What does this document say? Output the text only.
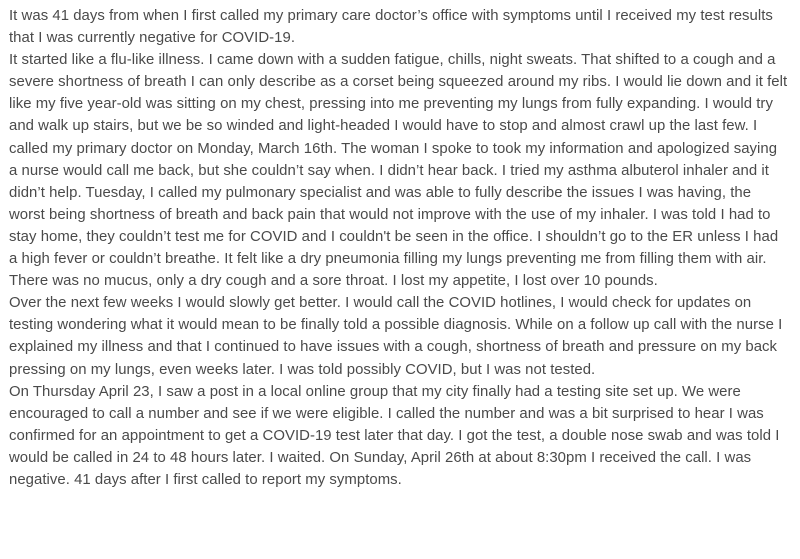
It was 41 days from when I first called my primary care doctor’s office with symptoms until I received my test results that I was currently negative for COVID-19.

It started like a flu-like illness. I came down with a sudden fatigue, chills, night sweats. That shifted to a cough and a severe shortness of breath I can only describe as a corset being squeezed around my ribs. I would lie down and it felt like my five year-old was sitting on my chest, pressing into me preventing my lungs from fully expanding. I would try and walk up stairs, but we be so winded and light-headed I would have to stop and almost crawl up the last few. I called my primary doctor on Monday, March 16th. The woman I spoke to took my information and apologized saying a nurse would call me back, but she couldn’t say when. I didn’t hear back. I tried my asthma albuterol inhaler and it didn’t help. Tuesday, I called my pulmonary specialist and was able to fully describe the issues I was having, the worst being shortness of breath and back pain that would not improve with the use of my inhaler. I was told I had to stay home, they couldn’t test me for COVID and I couldn't be seen in the office. I shouldn’t go to the ER unless I had a high fever or couldn’t breathe. It felt like a dry pneumonia filling my lungs preventing me from filling them with air. There was no mucus, only a dry cough and a sore throat. I lost my appetite, I lost over 10 pounds.

Over the next few weeks I would slowly get better. I would call the COVID hotlines, I would check for updates on testing wondering what it would mean to be finally told a possible diagnosis. While on a follow up call with the nurse I explained my illness and that I continued to have issues with a cough, shortness of breath and pressure on my back pressing on my lungs, even weeks later. I was told possibly COVID, but I was not tested.

On Thursday April 23, I saw a post in a local online group that my city finally had a testing site set up. We were encouraged to call a number and see if we were eligible. I called the number and was a bit surprised to hear I was confirmed for an appointment to get a COVID-19 test later that day. I got the test, a double nose swab and was told I would be called in 24 to 48 hours later. I waited. On Sunday, April 26th at about 8:30pm I received the call. I was negative. 41 days after I first called to report my symptoms.
